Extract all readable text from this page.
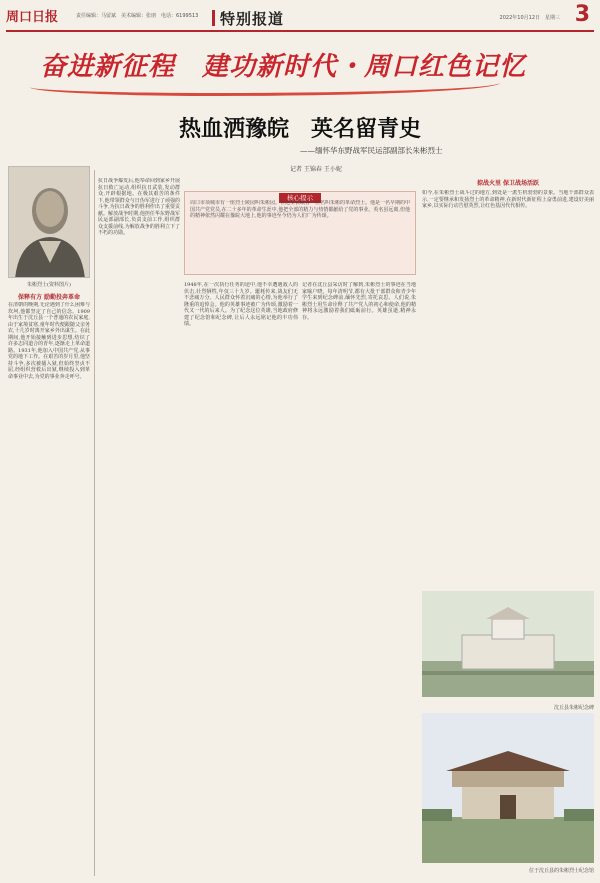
周口日报	责任编辑：马留斌　美术编辑：张朋　电话：6199513 特别报道	2022年10月12日　星期三 3
奋进新征程　建功新时代・周口红色记忆
热血洒豫皖　英名留青史
——缅怀华东野战军民运部副部长朱彬烈士
记者 王锦春 王小妮
朱彬烈士(资料图片)
保释有方 励勤投奔革命
在清朝的晚期,无论遇到了什么困难与坎坷,他都坚定了自己的信念。1909年出生于沈丘县一个普通的农民家庭,由于家境贫寒,童年时代便跟随父亲务农,十几岁时离开家乡外出谋生。在此期间,他开始接触到进步思想,结识了许多志同道合的青年,逐渐走上革命道路。1931年,他加入中国共产党,从事党的地下工作。在艰苦的岁月里,他坚持斗争,多次被捕入狱,但始终坚贞不屈,经组织营救后出狱,继续投入到革命事业中去,为党的事业奔走呼号。
抗日战争爆发后,他奉命回到家乡开展抗日救亡运动,组织抗日武装,发动群众,开辟根据地。在极其艰苦的条件下,他带领群众与日伪军进行了顽强的斗争,为抗日战争的胜利作出了重要贡献。解放战争时期,他担任华东野战军民运部副部长,负责支前工作,组织群众支援前线,为解放战争的胜利立下了不朽的功勋。
核心提示
周口市项城市有一座烈士陵园叫朱彬园。在这里长眠着一位名叫朱彬的革命烈士。他是一名早期的中国共产党党员,在二十多年的革命生涯中,他把全部的精力与热情都献给了党的事业。英名虽远离,但他的精神依然闪耀在豫皖大地上,他的事迹至今仍为人们广为传颂。
1948年,在一次执行任务的途中,他不幸遭遇敌人的伏击,壮烈牺牲,年仅三十九岁。噩耗传来,战友们无不悲痛万分。人民群众怀着沉痛的心情,为他举行了隆重的追悼会。他的英雄事迹被广为传颂,激励着一代又一代的后来人。为了纪念这位英雄,当地政府修建了纪念馆和纪念碑,让后人永远铭记他的丰功伟绩。
记者在沈丘县采访时了解到,朱彬烈士的事迹在当地家喻户晓。每年清明节,都有大批干部群众和青少年学生来到纪念碑前,缅怀先烈,寄托哀思。人们说,朱彬烈士用生命诠释了共产党人的初心和使命,他的精神将永远激励着我们砥砺前行。英雄虽逝,精神永存。
掠战火里 保卫战场活跃
如今,在朱彬烈士战斗过的地方,到处是一派生机勃勃的景象。当地干部群众表示,一定要继承和发扬烈士的革命精神,在新时代新征程上奋勇前进,建设好美丽家乡,以实际行动告慰英烈,让红色基因代代相传。
沈丘县朱彬纪念碑
位于沈丘县的朱彬烈士纪念馆
